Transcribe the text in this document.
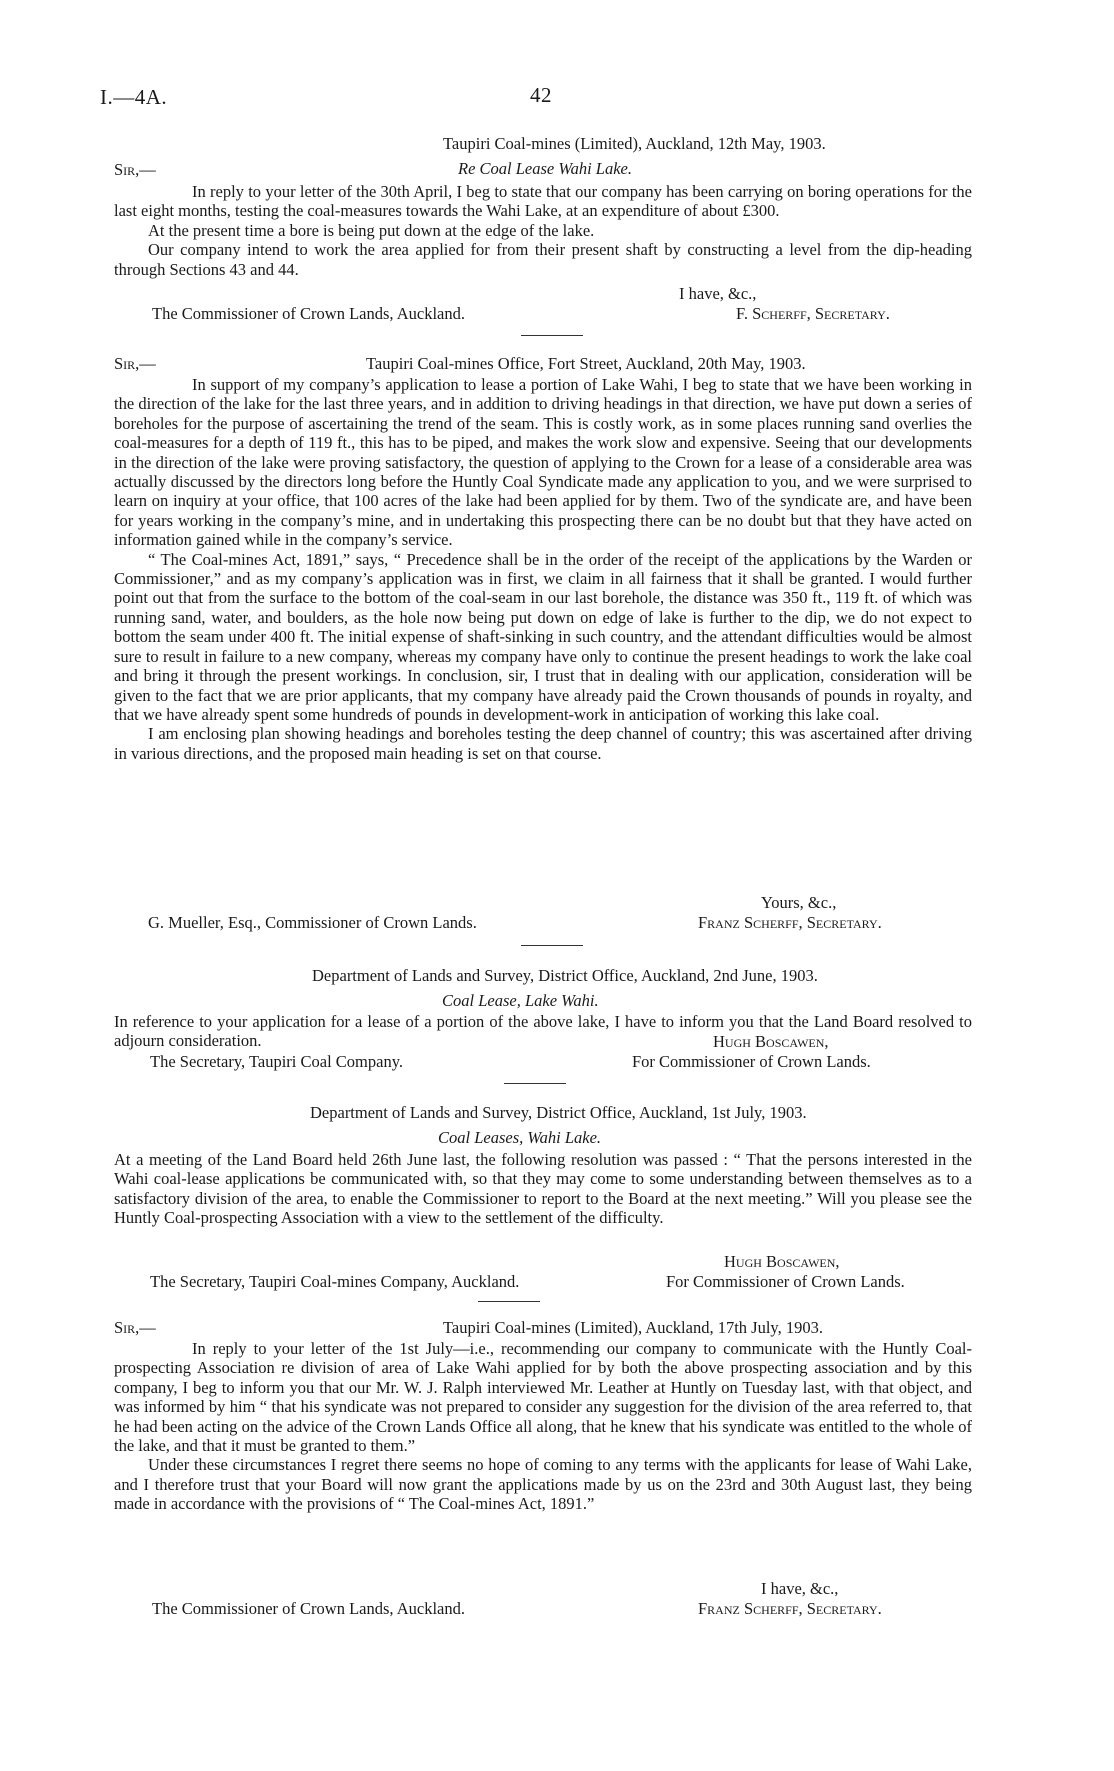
I.—4A.	42
Taupiri Coal-mines (Limited), Auckland, 12th May, 1903.
Sir,—	Re Coal Lease Wahi Lake.

In reply to your letter of the 30th April, I beg to state that our company has been carrying on boring operations for the last eight months, testing the coal-measures towards the Wahi Lake, at an expenditure of about £300.

At the present time a bore is being put down at the edge of the lake.

Our company intend to work the area applied for from their present shaft by constructing a level from the dip-heading through Sections 43 and 44.

I have, &c.,
The Commissioner of Crown Lands, Auckland.	F. Scherff, Secretary.
Sir,—	Taupiri Coal-mines Office, Fort Street, Auckland, 20th May, 1903.

In support of my company’s application to lease a portion of Lake Wahi, I beg to state that we have been working in the direction of the lake for the last three years, and in addition to driving headings in that direction, we have put down a series of boreholes for the purpose of ascertaining the trend of the seam. This is costly work, as in some places running sand overlies the coal-measures for a depth of 119 ft., this has to be piped, and makes the work slow and expensive. Seeing that our developments in the direction of the lake were proving satisfactory, the question of applying to the Crown for a lease of a considerable area was actually discussed by the directors long before the Huntly Coal Syndicate made any application to you, and we were surprised to learn on inquiry at your office, that 100 acres of the lake had been applied for by them. Two of the syndicate are, and have been for years working in the company’s mine, and in undertaking this prospecting there can be no doubt but that they have acted on information gained while in the company’s service.

“ The Coal-mines Act, 1891,” says, “ Precedence shall be in the order of the receipt of the applications by the Warden or Commissioner,” and as my company’s application was in first, we claim in all fairness that it shall be granted. I would further point out that from the surface to the bottom of the coal-seam in our last borehole, the distance was 350 ft., 119 ft. of which was running sand, water, and boulders, as the hole now being put down on edge of lake is further to the dip, we do not expect to bottom the seam under 400 ft. The initial expense of shaft-sinking in such country, and the attendant difficulties would be almost sure to result in failure to a new company, whereas my company have only to continue the present headings to work the lake coal and bring it through the present workings. In conclusion, sir, I trust that in dealing with our application, consideration will be given to the fact that we are prior applicants, that my company have already paid the Crown thousands of pounds in royalty, and that we have already spent some hundreds of pounds in development-work in anticipation of working this lake coal.

I am enclosing plan showing headings and boreholes testing the deep channel of country; this was ascertained after driving in various directions, and the proposed main heading is set on that course.

Yours, &c.,
G. Mueller, Esq., Commissioner of Crown Lands.	Franz Scherff, Secretary.
Department of Lands and Survey, District Office, Auckland, 2nd June, 1903.
Coal Lease, Lake Wahi.

In reference to your application for a lease of a portion of the above lake, I have to inform you that the Land Board resolved to adjourn consideration.	Hugh Boscawen,
The Secretary, Taupiri Coal Company.	For Commissioner of Crown Lands.
Department of Lands and Survey, District Office, Auckland, 1st July, 1903.
Coal Leases, Wahi Lake.

At a meeting of the Land Board held 26th June last, the following resolution was passed : “ That the persons interested in the Wahi coal-lease applications be communicated with, so that they may come to some understanding between themselves as to a satisfactory division of the area, to enable the Commissioner to report to the Board at the next meeting.” Will you please see the Huntly Coal-prospecting Association with a view to the settlement of the difficulty.

Hugh Boscawen,
The Secretary, Taupiri Coal-mines Company, Auckland.	For Commissioner of Crown Lands.
Sir,—	Taupiri Coal-mines (Limited), Auckland, 17th July, 1903.

In reply to your letter of the 1st July—i.e., recommending our company to communicate with the Huntly Coal-prospecting Association re division of area of Lake Wahi applied for by both the above prospecting association and by this company, I beg to inform you that our Mr. W. J. Ralph interviewed Mr. Leather at Huntly on Tuesday last, with that object, and was informed by him “ that his syndicate was not prepared to consider any suggestion for the division of the area referred to, that he had been acting on the advice of the Crown Lands Office all along, that he knew that his syndicate was entitled to the whole of the lake, and that it must be granted to them.”

Under these circumstances I regret there seems no hope of coming to any terms with the applicants for lease of Wahi Lake, and I therefore trust that your Board will now grant the applications made by us on the 23rd and 30th August last, they being made in accordance with the provisions of “ The Coal-mines Act, 1891.”

I have, &c.,
The Commissioner of Crown Lands, Auckland.	Franz Scherff, Secretary.
